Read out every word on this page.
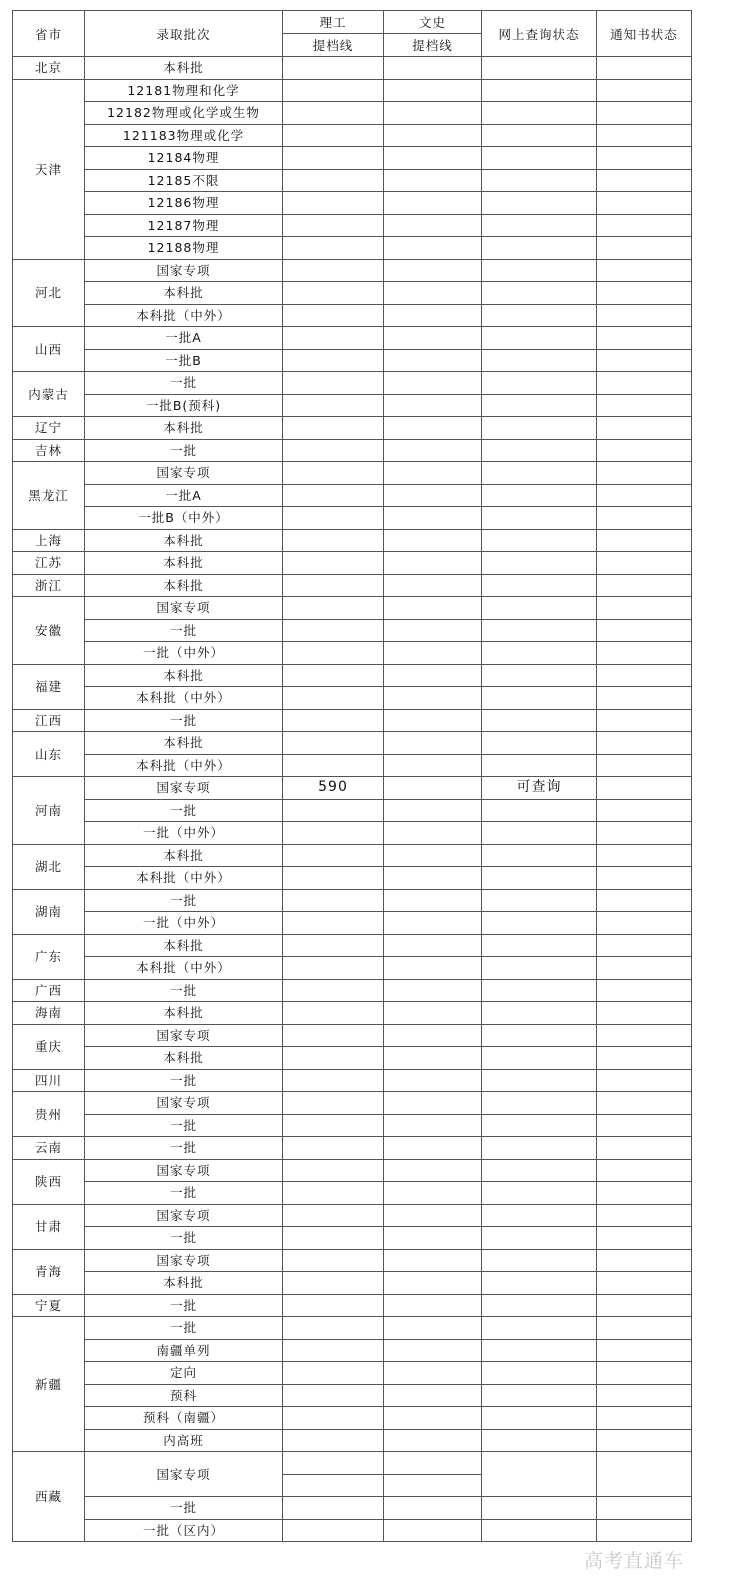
省市	录取批次	理工	文史	网上查询状态	通知书状态
		提档线	提档线		
北京	本科批				
天津	12181物理和化学				
	12182物理或化学或生物				
	121183物理或化学				
	12184物理				
	12185不限				
	12186物理				
	12187物理				
	12188物理				
河北	国家专项				
	本科批				
	本科批（中外）				
山西	一批A				
	一批B				
内蒙古	一批				
	一批B(预科)				
辽宁	本科批				
吉林	一批				
黑龙江	国家专项				
	一批A				
	一批B（中外）				
上海	本科批				
江苏	本科批				
浙江	本科批				
安徽	国家专项				
	一批				
	一批（中外）				
福建	本科批				
	本科批（中外）				
江西	一批				
山东	本科批				
	本科批（中外）				
河南	国家专项	590		可查询	
	一批				
	一批（中外）				
湖北	本科批				
	本科批（中外）				
湖南	一批				
	一批（中外）				
广东	本科批				
	本科批（中外）				
广西	一批				
海南	本科批				
重庆	国家专项				
	本科批				
四川	一批				
贵州	国家专项				
	一批				
云南	一批				
陕西	国家专项				
	一批				
甘肃	国家专项				
	一批				
青海	国家专项				
	本科批				
宁夏	一批				
新疆	一批				
	南疆单列				
	定向				
	预科				
	预科（南疆）				
	内高班				
西藏	国家专项				

	一批				
	一批（区内）				
高考直通车
